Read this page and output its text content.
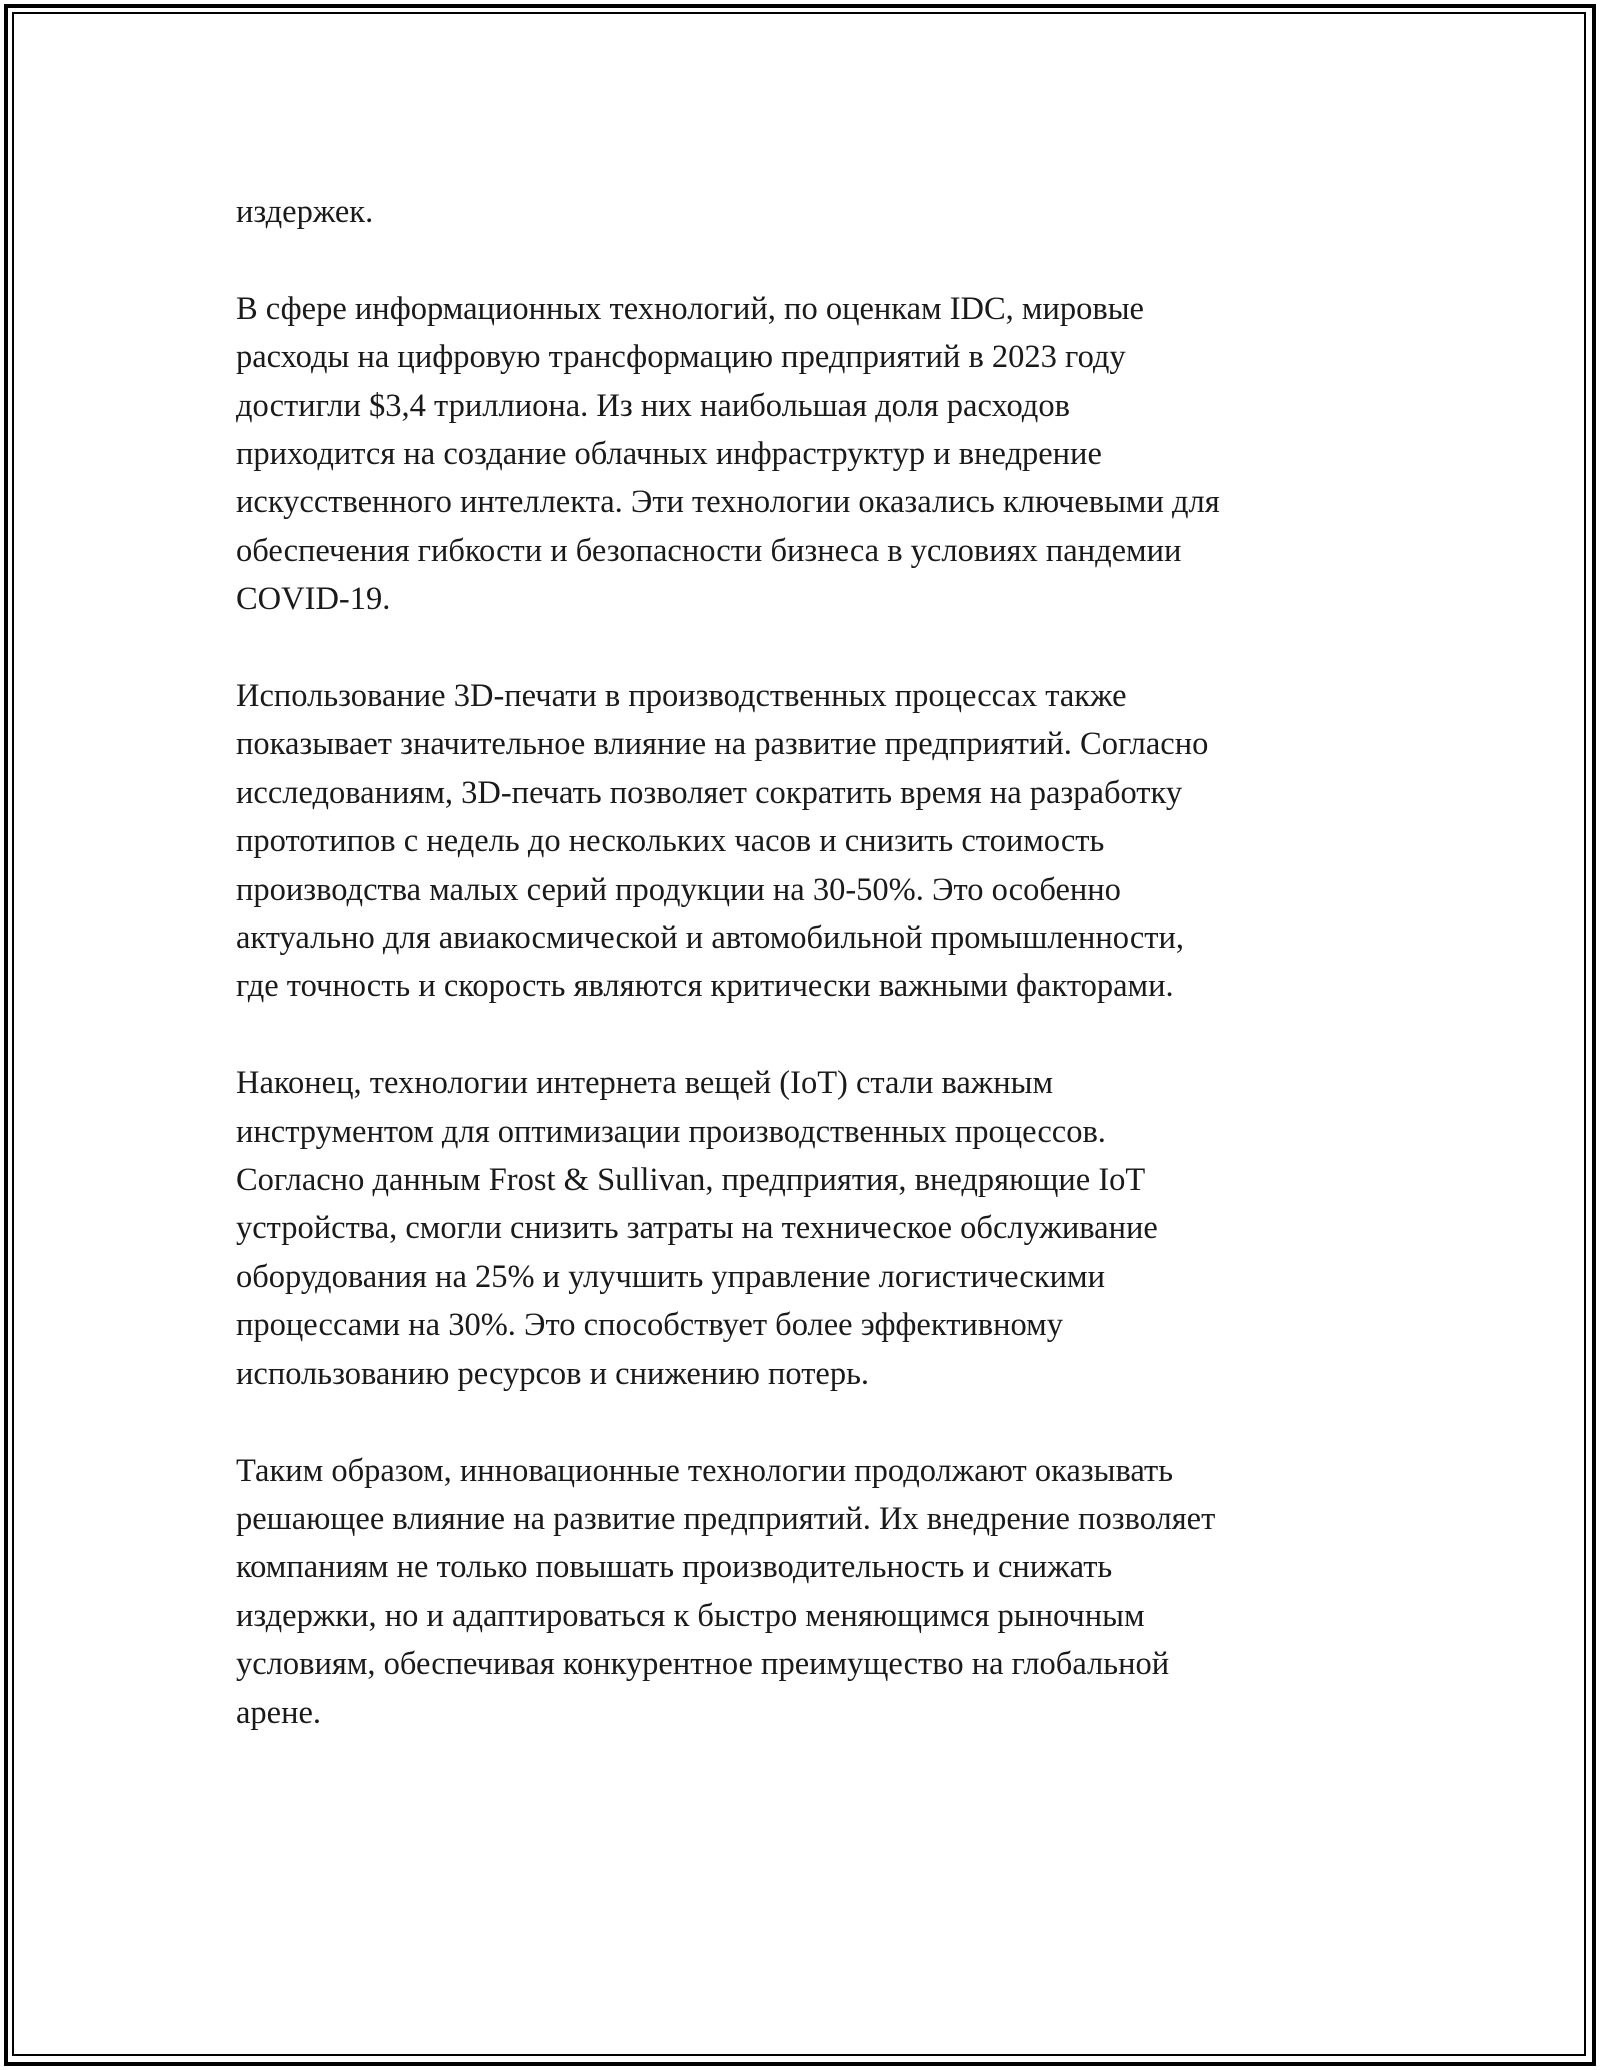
издержек.

В сфере информационных технологий, по оценкам IDC, мировые
расходы на цифровую трансформацию предприятий в 2023 году
достигли $3,4 триллиона. Из них наибольшая доля расходов
приходится на создание облачных инфраструктур и внедрение
искусственного интеллекта. Эти технологии оказались ключевыми для
обеспечения гибкости и безопасности бизнеса в условиях пандемии
COVID-19.

Использование 3D-печати в производственных процессах также
показывает значительное влияние на развитие предприятий. Согласно
исследованиям, 3D-печать позволяет сократить время на разработку
прототипов с недель до нескольких часов и снизить стоимость
производства малых серий продукции на 30-50%. Это особенно
актуально для авиакосмической и автомобильной промышленности,
где точность и скорость являются критически важными факторами.

Наконец, технологии интернета вещей (IoT) стали важным
инструментом для оптимизации производственных процессов.
Согласно данным Frost & Sullivan, предприятия, внедряющие IoT
устройства, смогли снизить затраты на техническое обслуживание
оборудования на 25% и улучшить управление логистическими
процессами на 30%. Это способствует более эффективному
использованию ресурсов и снижению потерь.

Таким образом, инновационные технологии продолжают оказывать
решающее влияние на развитие предприятий. Их внедрение позволяет
компаниям не только повышать производительность и снижать
издержки, но и адаптироваться к быстро меняющимся рыночным
условиям, обеспечивая конкурентное преимущество на глобальной
арене.
